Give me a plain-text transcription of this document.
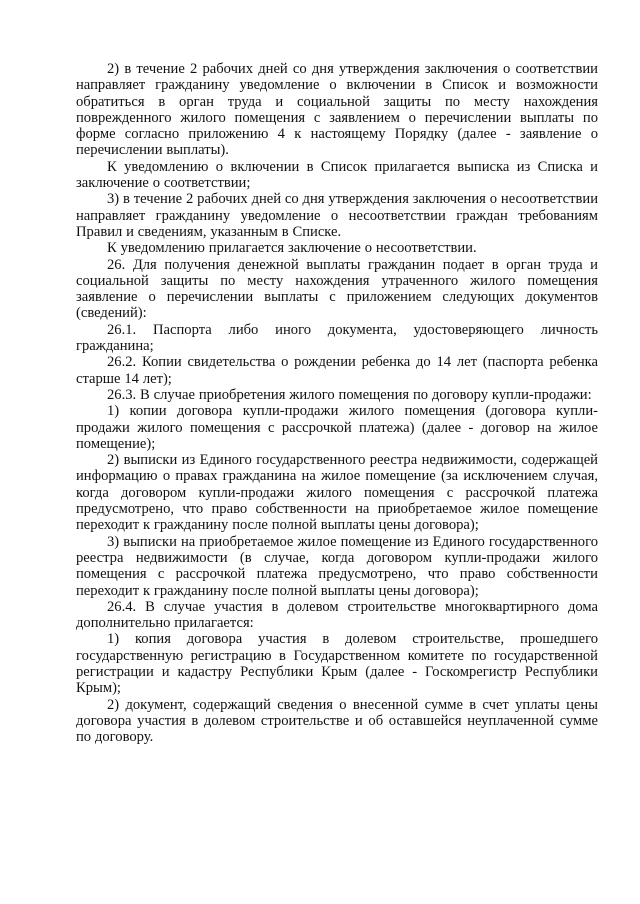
2) в течение 2 рабочих дней со дня утверждения заключения о соответствии направляет гражданину уведомление о включении в Список и возможности обратиться в орган труда и социальной защиты по месту нахождения поврежденного жилого помещения с заявлением о перечислении выплаты по форме согласно приложению 4 к настоящему Порядку (далее - заявление о перечислении выплаты).

К уведомлению о включении в Список прилагается выписка из Списка и заключение о соответствии;

3) в течение 2 рабочих дней со дня утверждения заключения о несоответствии направляет гражданину уведомление о несоответствии граждан требованиям Правил и сведениям, указанным в Списке.

К уведомлению прилагается заключение о несоответствии.

26. Для получения денежной выплаты гражданин подает в орган труда и социальной защиты по месту нахождения утраченного жилого помещения заявление о перечислении выплаты с приложением следующих документов (сведений):

26.1. Паспорта либо иного документа, удостоверяющего личность гражданина;

26.2. Копии свидетельства о рождении ребенка до 14 лет (паспорта ребенка старше 14 лет);

26.3. В случае приобретения жилого помещения по договору купли-продажи:

1) копии договора купли-продажи жилого помещения (договора купли-продажи жилого помещения с рассрочкой платежа) (далее - договор на жилое помещение);

2) выписки из Единого государственного реестра недвижимости, содержащей информацию о правах гражданина на жилое помещение (за исключением случая, когда договором купли-продажи жилого помещения с рассрочкой платежа предусмотрено, что право собственности на приобретаемое жилое помещение переходит к гражданину после полной выплаты цены договора);

3) выписки на приобретаемое жилое помещение из Единого государственного реестра недвижимости (в случае, когда договором купли-продажи жилого помещения с рассрочкой платежа предусмотрено, что право собственности переходит к гражданину после полной выплаты цены договора);

26.4. В случае участия в долевом строительстве многоквартирного дома дополнительно прилагается:

1) копия договора участия в долевом строительстве, прошедшего государственную регистрацию в Государственном комитете по государственной регистрации и кадастру Республики Крым (далее - Госкомрегистр Республики Крым);

2) документ, содержащий сведения о внесенной сумме в счет уплаты цены договора участия в долевом строительстве и об оставшейся неуплаченной сумме по договору.
